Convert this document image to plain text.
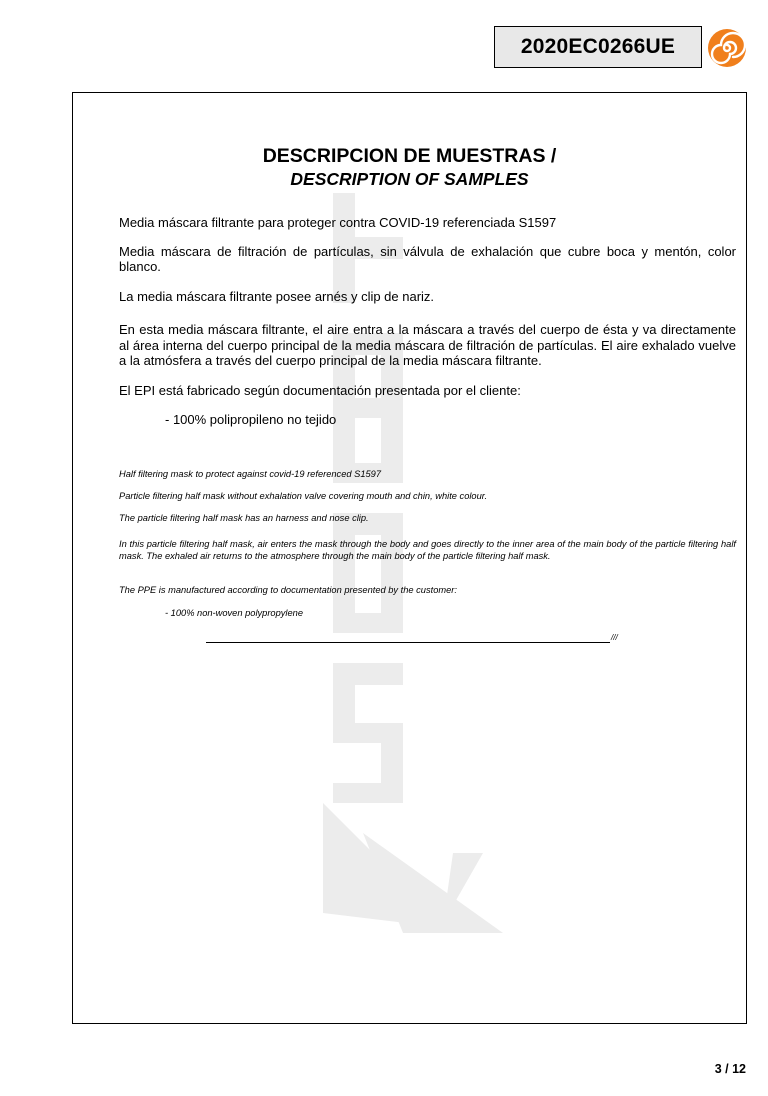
2020EC0266UE
DESCRIPCION DE MUESTRAS /
DESCRIPTION OF SAMPLES

Media máscara filtrante para proteger contra COVID-19 referenciada S1597

Media máscara de filtración de partículas, sin válvula de exhalación que cubre boca y mentón, color blanco.

La media máscara filtrante posee arnés y clip de nariz.

En esta media máscara filtrante, el aire entra a la máscara a través del cuerpo de ésta y va directamente al área interna del cuerpo principal de la media máscara de filtración de partículas. El aire exhalado vuelve a la atmósfera a través del cuerpo principal de la media máscara filtrante.

El EPI está fabricado según documentación presentada por el cliente:

- 100% polipropileno no tejido

Half filtering mask to protect against covid-19 referenced S1597

Particle filtering half mask without exhalation valve covering mouth and chin, white colour.

The particle filtering half mask has an harness and nose clip.

In this particle filtering half mask, air enters the mask through the body and goes directly to the inner area of the main body of the particle filtering half mask. The exhaled air returns to the atmosphere through the main body of the particle filtering half mask.

The PPE is manufactured according to documentation presented by the customer:

- 100% non-woven polypropylene

///
3 / 12
